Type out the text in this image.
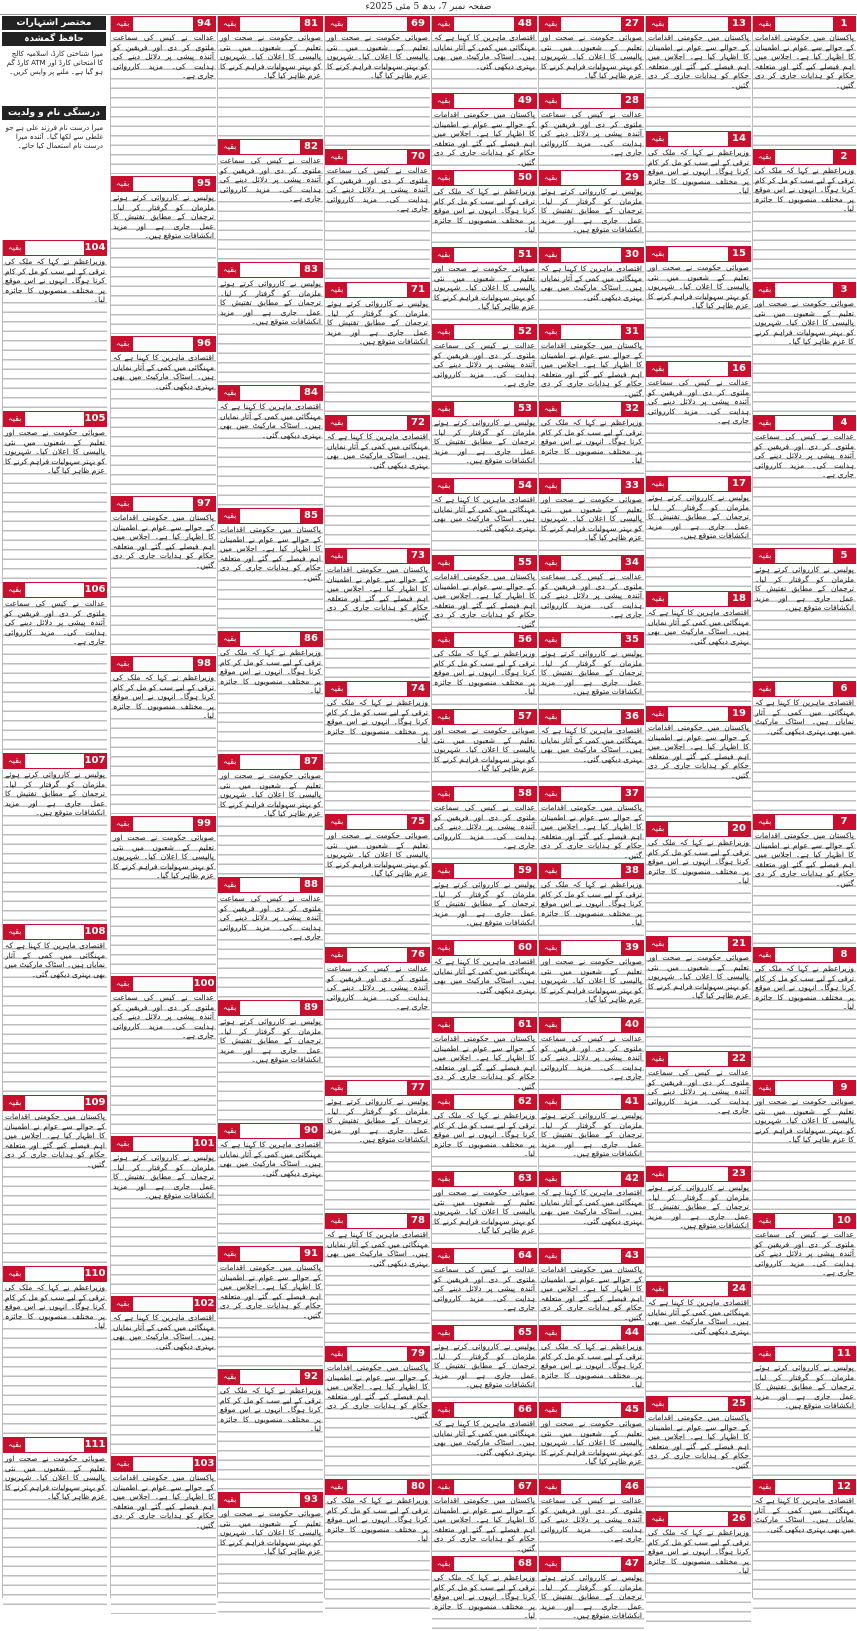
صفحہ نمبر 7، بدھ 5 مئی 2025ء
مختصر اشتہارات
حافظ گمشدہ
میرا شناختی کارڈ، اسلامیہ کالج کا امتحانی کارڈ اور ATM کارڈ گم ہو گیا ہے۔ ملنے پر واپس کریں۔
درستگی نام و ولدیت
میرا درست نام فرزند علی ہے جو غلطی سے لکھا گیا۔ آئندہ میرا درست نام استعمال کیا جائے۔
بقیہ	1
پاکستان میں حکومتی اقدامات کے حوالے سے عوام نے اطمینان کا اظہار کیا ہے۔ اجلاس میں اہم فیصلے کیے گئے اور متعلقہ حکام کو ہدایات جاری کر دی گئیں۔
بقیہ	2
وزیراعظم نے کہا کہ ملک کی ترقی کے لیے سب کو مل کر کام کرنا ہوگا۔ انہوں نے اس موقع پر مختلف منصوبوں کا جائزہ لیا۔
بقیہ	3
صوبائی حکومت نے صحت اور تعلیم کے شعبوں میں نئی پالیسی کا اعلان کیا۔ شہریوں کو بہتر سہولیات فراہم کرنے کا عزم ظاہر کیا گیا۔
بقیہ	4
عدالت نے کیس کی سماعت ملتوی کر دی اور فریقین کو آئندہ پیشی پر دلائل دینے کی ہدایت کی۔ مزید کارروائی جاری ہے۔
بقیہ	5
پولیس نے کارروائی کرتے ہوئے ملزمان کو گرفتار کر لیا۔ ترجمان کے مطابق تفتیش کا عمل جاری ہے اور مزید انکشافات متوقع ہیں۔
بقیہ	6
اقتصادی ماہرین کا کہنا ہے کہ مہنگائی میں کمی کے آثار نمایاں ہیں۔ اسٹاک مارکیٹ میں بھی بہتری دیکھی گئی۔
بقیہ	7
پاکستان میں حکومتی اقدامات کے حوالے سے عوام نے اطمینان کا اظہار کیا ہے۔ اجلاس میں اہم فیصلے کیے گئے اور متعلقہ حکام کو ہدایات جاری کر دی گئیں۔
بقیہ	8
وزیراعظم نے کہا کہ ملک کی ترقی کے لیے سب کو مل کر کام کرنا ہوگا۔ انہوں نے اس موقع پر مختلف منصوبوں کا جائزہ لیا۔
بقیہ	9
صوبائی حکومت نے صحت اور تعلیم کے شعبوں میں نئی پالیسی کا اعلان کیا۔ شہریوں کو بہتر سہولیات فراہم کرنے کا عزم ظاہر کیا گیا۔
بقیہ	10
عدالت نے کیس کی سماعت ملتوی کر دی اور فریقین کو آئندہ پیشی پر دلائل دینے کی ہدایت کی۔ مزید کارروائی جاری ہے۔
بقیہ	11
پولیس نے کارروائی کرتے ہوئے ملزمان کو گرفتار کر لیا۔ ترجمان کے مطابق تفتیش کا عمل جاری ہے اور مزید انکشافات متوقع ہیں۔
بقیہ	12
اقتصادی ماہرین کا کہنا ہے کہ مہنگائی میں کمی کے آثار نمایاں ہیں۔ اسٹاک مارکیٹ میں بھی بہتری دیکھی گئی۔
بقیہ	13
پاکستان میں حکومتی اقدامات کے حوالے سے عوام نے اطمینان کا اظہار کیا ہے۔ اجلاس میں اہم فیصلے کیے گئے اور متعلقہ حکام کو ہدایات جاری کر دی گئیں۔
بقیہ	14
وزیراعظم نے کہا کہ ملک کی ترقی کے لیے سب کو مل کر کام کرنا ہوگا۔ انہوں نے اس موقع پر مختلف منصوبوں کا جائزہ لیا۔
بقیہ	15
صوبائی حکومت نے صحت اور تعلیم کے شعبوں میں نئی پالیسی کا اعلان کیا۔ شہریوں کو بہتر سہولیات فراہم کرنے کا عزم ظاہر کیا گیا۔
بقیہ	16
عدالت نے کیس کی سماعت ملتوی کر دی اور فریقین کو آئندہ پیشی پر دلائل دینے کی ہدایت کی۔ مزید کارروائی جاری ہے۔
بقیہ	17
پولیس نے کارروائی کرتے ہوئے ملزمان کو گرفتار کر لیا۔ ترجمان کے مطابق تفتیش کا عمل جاری ہے اور مزید انکشافات متوقع ہیں۔
بقیہ	18
اقتصادی ماہرین کا کہنا ہے کہ مہنگائی میں کمی کے آثار نمایاں ہیں۔ اسٹاک مارکیٹ میں بھی بہتری دیکھی گئی۔
بقیہ	19
پاکستان میں حکومتی اقدامات کے حوالے سے عوام نے اطمینان کا اظہار کیا ہے۔ اجلاس میں اہم فیصلے کیے گئے اور متعلقہ حکام کو ہدایات جاری کر دی گئیں۔
بقیہ	20
وزیراعظم نے کہا کہ ملک کی ترقی کے لیے سب کو مل کر کام کرنا ہوگا۔ انہوں نے اس موقع پر مختلف منصوبوں کا جائزہ لیا۔
بقیہ	21
صوبائی حکومت نے صحت اور تعلیم کے شعبوں میں نئی پالیسی کا اعلان کیا۔ شہریوں کو بہتر سہولیات فراہم کرنے کا عزم ظاہر کیا گیا۔
بقیہ	22
عدالت نے کیس کی سماعت ملتوی کر دی اور فریقین کو آئندہ پیشی پر دلائل دینے کی ہدایت کی۔ مزید کارروائی جاری ہے۔
بقیہ	23
پولیس نے کارروائی کرتے ہوئے ملزمان کو گرفتار کر لیا۔ ترجمان کے مطابق تفتیش کا عمل جاری ہے اور مزید انکشافات متوقع ہیں۔
بقیہ	24
اقتصادی ماہرین کا کہنا ہے کہ مہنگائی میں کمی کے آثار نمایاں ہیں۔ اسٹاک مارکیٹ میں بھی بہتری دیکھی گئی۔
بقیہ	25
پاکستان میں حکومتی اقدامات کے حوالے سے عوام نے اطمینان کا اظہار کیا ہے۔ اجلاس میں اہم فیصلے کیے گئے اور متعلقہ حکام کو ہدایات جاری کر دی گئیں۔
بقیہ	26
وزیراعظم نے کہا کہ ملک کی ترقی کے لیے سب کو مل کر کام کرنا ہوگا۔ انہوں نے اس موقع پر مختلف منصوبوں کا جائزہ لیا۔
بقیہ	27
صوبائی حکومت نے صحت اور تعلیم کے شعبوں میں نئی پالیسی کا اعلان کیا۔ شہریوں کو بہتر سہولیات فراہم کرنے کا عزم ظاہر کیا گیا۔
بقیہ	28
عدالت نے کیس کی سماعت ملتوی کر دی اور فریقین کو آئندہ پیشی پر دلائل دینے کی ہدایت کی۔ مزید کارروائی جاری ہے۔
بقیہ	29
پولیس نے کارروائی کرتے ہوئے ملزمان کو گرفتار کر لیا۔ ترجمان کے مطابق تفتیش کا عمل جاری ہے اور مزید انکشافات متوقع ہیں۔
بقیہ	30
اقتصادی ماہرین کا کہنا ہے کہ مہنگائی میں کمی کے آثار نمایاں ہیں۔ اسٹاک مارکیٹ میں بھی بہتری دیکھی گئی۔
بقیہ	31
پاکستان میں حکومتی اقدامات کے حوالے سے عوام نے اطمینان کا اظہار کیا ہے۔ اجلاس میں اہم فیصلے کیے گئے اور متعلقہ حکام کو ہدایات جاری کر دی گئیں۔
بقیہ	32
وزیراعظم نے کہا کہ ملک کی ترقی کے لیے سب کو مل کر کام کرنا ہوگا۔ انہوں نے اس موقع پر مختلف منصوبوں کا جائزہ لیا۔
بقیہ	33
صوبائی حکومت نے صحت اور تعلیم کے شعبوں میں نئی پالیسی کا اعلان کیا۔ شہریوں کو بہتر سہولیات فراہم کرنے کا عزم ظاہر کیا گیا۔
بقیہ	34
عدالت نے کیس کی سماعت ملتوی کر دی اور فریقین کو آئندہ پیشی پر دلائل دینے کی ہدایت کی۔ مزید کارروائی جاری ہے۔
بقیہ	35
پولیس نے کارروائی کرتے ہوئے ملزمان کو گرفتار کر لیا۔ ترجمان کے مطابق تفتیش کا عمل جاری ہے اور مزید انکشافات متوقع ہیں۔
بقیہ	36
اقتصادی ماہرین کا کہنا ہے کہ مہنگائی میں کمی کے آثار نمایاں ہیں۔ اسٹاک مارکیٹ میں بھی بہتری دیکھی گئی۔
بقیہ	37
پاکستان میں حکومتی اقدامات کے حوالے سے عوام نے اطمینان کا اظہار کیا ہے۔ اجلاس میں اہم فیصلے کیے گئے اور متعلقہ حکام کو ہدایات جاری کر دی گئیں۔
بقیہ	38
وزیراعظم نے کہا کہ ملک کی ترقی کے لیے سب کو مل کر کام کرنا ہوگا۔ انہوں نے اس موقع پر مختلف منصوبوں کا جائزہ لیا۔
بقیہ	39
صوبائی حکومت نے صحت اور تعلیم کے شعبوں میں نئی پالیسی کا اعلان کیا۔ شہریوں کو بہتر سہولیات فراہم کرنے کا عزم ظاہر کیا گیا۔
بقیہ	40
عدالت نے کیس کی سماعت ملتوی کر دی اور فریقین کو آئندہ پیشی پر دلائل دینے کی ہدایت کی۔ مزید کارروائی جاری ہے۔
بقیہ	41
پولیس نے کارروائی کرتے ہوئے ملزمان کو گرفتار کر لیا۔ ترجمان کے مطابق تفتیش کا عمل جاری ہے اور مزید انکشافات متوقع ہیں۔
بقیہ	42
اقتصادی ماہرین کا کہنا ہے کہ مہنگائی میں کمی کے آثار نمایاں ہیں۔ اسٹاک مارکیٹ میں بھی بہتری دیکھی گئی۔
بقیہ	43
پاکستان میں حکومتی اقدامات کے حوالے سے عوام نے اطمینان کا اظہار کیا ہے۔ اجلاس میں اہم فیصلے کیے گئے اور متعلقہ حکام کو ہدایات جاری کر دی گئیں۔
بقیہ	44
وزیراعظم نے کہا کہ ملک کی ترقی کے لیے سب کو مل کر کام کرنا ہوگا۔ انہوں نے اس موقع پر مختلف منصوبوں کا جائزہ لیا۔
بقیہ	45
صوبائی حکومت نے صحت اور تعلیم کے شعبوں میں نئی پالیسی کا اعلان کیا۔ شہریوں کو بہتر سہولیات فراہم کرنے کا عزم ظاہر کیا گیا۔
بقیہ	46
عدالت نے کیس کی سماعت ملتوی کر دی اور فریقین کو آئندہ پیشی پر دلائل دینے کی ہدایت کی۔ مزید کارروائی جاری ہے۔
بقیہ	47
پولیس نے کارروائی کرتے ہوئے ملزمان کو گرفتار کر لیا۔ ترجمان کے مطابق تفتیش کا عمل جاری ہے اور مزید انکشافات متوقع ہیں۔
بقیہ	48
اقتصادی ماہرین کا کہنا ہے کہ مہنگائی میں کمی کے آثار نمایاں ہیں۔ اسٹاک مارکیٹ میں بھی بہتری دیکھی گئی۔
بقیہ	49
پاکستان میں حکومتی اقدامات کے حوالے سے عوام نے اطمینان کا اظہار کیا ہے۔ اجلاس میں اہم فیصلے کیے گئے اور متعلقہ حکام کو ہدایات جاری کر دی گئیں۔
بقیہ	50
وزیراعظم نے کہا کہ ملک کی ترقی کے لیے سب کو مل کر کام کرنا ہوگا۔ انہوں نے اس موقع پر مختلف منصوبوں کا جائزہ لیا۔
بقیہ	51
صوبائی حکومت نے صحت اور تعلیم کے شعبوں میں نئی پالیسی کا اعلان کیا۔ شہریوں کو بہتر سہولیات فراہم کرنے کا عزم ظاہر کیا گیا۔
بقیہ	52
عدالت نے کیس کی سماعت ملتوی کر دی اور فریقین کو آئندہ پیشی پر دلائل دینے کی ہدایت کی۔ مزید کارروائی جاری ہے۔
بقیہ	53
پولیس نے کارروائی کرتے ہوئے ملزمان کو گرفتار کر لیا۔ ترجمان کے مطابق تفتیش کا عمل جاری ہے اور مزید انکشافات متوقع ہیں۔
بقیہ	54
اقتصادی ماہرین کا کہنا ہے کہ مہنگائی میں کمی کے آثار نمایاں ہیں۔ اسٹاک مارکیٹ میں بھی بہتری دیکھی گئی۔
بقیہ	55
پاکستان میں حکومتی اقدامات کے حوالے سے عوام نے اطمینان کا اظہار کیا ہے۔ اجلاس میں اہم فیصلے کیے گئے اور متعلقہ حکام کو ہدایات جاری کر دی گئیں۔
بقیہ	56
وزیراعظم نے کہا کہ ملک کی ترقی کے لیے سب کو مل کر کام کرنا ہوگا۔ انہوں نے اس موقع پر مختلف منصوبوں کا جائزہ لیا۔
بقیہ	57
صوبائی حکومت نے صحت اور تعلیم کے شعبوں میں نئی پالیسی کا اعلان کیا۔ شہریوں کو بہتر سہولیات فراہم کرنے کا عزم ظاہر کیا گیا۔
بقیہ	58
عدالت نے کیس کی سماعت ملتوی کر دی اور فریقین کو آئندہ پیشی پر دلائل دینے کی ہدایت کی۔ مزید کارروائی جاری ہے۔
بقیہ	59
پولیس نے کارروائی کرتے ہوئے ملزمان کو گرفتار کر لیا۔ ترجمان کے مطابق تفتیش کا عمل جاری ہے اور مزید انکشافات متوقع ہیں۔
بقیہ	60
اقتصادی ماہرین کا کہنا ہے کہ مہنگائی میں کمی کے آثار نمایاں ہیں۔ اسٹاک مارکیٹ میں بھی بہتری دیکھی گئی۔
بقیہ	61
پاکستان میں حکومتی اقدامات کے حوالے سے عوام نے اطمینان کا اظہار کیا ہے۔ اجلاس میں اہم فیصلے کیے گئے اور متعلقہ حکام کو ہدایات جاری کر دی گئیں۔
بقیہ	62
وزیراعظم نے کہا کہ ملک کی ترقی کے لیے سب کو مل کر کام کرنا ہوگا۔ انہوں نے اس موقع پر مختلف منصوبوں کا جائزہ لیا۔
بقیہ	63
صوبائی حکومت نے صحت اور تعلیم کے شعبوں میں نئی پالیسی کا اعلان کیا۔ شہریوں کو بہتر سہولیات فراہم کرنے کا عزم ظاہر کیا گیا۔
بقیہ	64
عدالت نے کیس کی سماعت ملتوی کر دی اور فریقین کو آئندہ پیشی پر دلائل دینے کی ہدایت کی۔ مزید کارروائی جاری ہے۔
بقیہ	65
پولیس نے کارروائی کرتے ہوئے ملزمان کو گرفتار کر لیا۔ ترجمان کے مطابق تفتیش کا عمل جاری ہے اور مزید انکشافات متوقع ہیں۔
بقیہ	66
اقتصادی ماہرین کا کہنا ہے کہ مہنگائی میں کمی کے آثار نمایاں ہیں۔ اسٹاک مارکیٹ میں بھی بہتری دیکھی گئی۔
بقیہ	67
پاکستان میں حکومتی اقدامات کے حوالے سے عوام نے اطمینان کا اظہار کیا ہے۔ اجلاس میں اہم فیصلے کیے گئے اور متعلقہ حکام کو ہدایات جاری کر دی گئیں۔
بقیہ	68
وزیراعظم نے کہا کہ ملک کی ترقی کے لیے سب کو مل کر کام کرنا ہوگا۔ انہوں نے اس موقع پر مختلف منصوبوں کا جائزہ لیا۔
بقیہ	69
صوبائی حکومت نے صحت اور تعلیم کے شعبوں میں نئی پالیسی کا اعلان کیا۔ شہریوں کو بہتر سہولیات فراہم کرنے کا عزم ظاہر کیا گیا۔
بقیہ	70
عدالت نے کیس کی سماعت ملتوی کر دی اور فریقین کو آئندہ پیشی پر دلائل دینے کی ہدایت کی۔ مزید کارروائی جاری ہے۔
بقیہ	71
پولیس نے کارروائی کرتے ہوئے ملزمان کو گرفتار کر لیا۔ ترجمان کے مطابق تفتیش کا عمل جاری ہے اور مزید انکشافات متوقع ہیں۔
بقیہ	72
اقتصادی ماہرین کا کہنا ہے کہ مہنگائی میں کمی کے آثار نمایاں ہیں۔ اسٹاک مارکیٹ میں بھی بہتری دیکھی گئی۔
بقیہ	73
پاکستان میں حکومتی اقدامات کے حوالے سے عوام نے اطمینان کا اظہار کیا ہے۔ اجلاس میں اہم فیصلے کیے گئے اور متعلقہ حکام کو ہدایات جاری کر دی گئیں۔
بقیہ	74
وزیراعظم نے کہا کہ ملک کی ترقی کے لیے سب کو مل کر کام کرنا ہوگا۔ انہوں نے اس موقع پر مختلف منصوبوں کا جائزہ لیا۔
بقیہ	75
صوبائی حکومت نے صحت اور تعلیم کے شعبوں میں نئی پالیسی کا اعلان کیا۔ شہریوں کو بہتر سہولیات فراہم کرنے کا عزم ظاہر کیا گیا۔
بقیہ	76
عدالت نے کیس کی سماعت ملتوی کر دی اور فریقین کو آئندہ پیشی پر دلائل دینے کی ہدایت کی۔ مزید کارروائی جاری ہے۔
بقیہ	77
پولیس نے کارروائی کرتے ہوئے ملزمان کو گرفتار کر لیا۔ ترجمان کے مطابق تفتیش کا عمل جاری ہے اور مزید انکشافات متوقع ہیں۔
بقیہ	78
اقتصادی ماہرین کا کہنا ہے کہ مہنگائی میں کمی کے آثار نمایاں ہیں۔ اسٹاک مارکیٹ میں بھی بہتری دیکھی گئی۔
بقیہ	79
پاکستان میں حکومتی اقدامات کے حوالے سے عوام نے اطمینان کا اظہار کیا ہے۔ اجلاس میں اہم فیصلے کیے گئے اور متعلقہ حکام کو ہدایات جاری کر دی گئیں۔
بقیہ	80
وزیراعظم نے کہا کہ ملک کی ترقی کے لیے سب کو مل کر کام کرنا ہوگا۔ انہوں نے اس موقع پر مختلف منصوبوں کا جائزہ لیا۔
بقیہ	81
صوبائی حکومت نے صحت اور تعلیم کے شعبوں میں نئی پالیسی کا اعلان کیا۔ شہریوں کو بہتر سہولیات فراہم کرنے کا عزم ظاہر کیا گیا۔
بقیہ	82
عدالت نے کیس کی سماعت ملتوی کر دی اور فریقین کو آئندہ پیشی پر دلائل دینے کی ہدایت کی۔ مزید کارروائی جاری ہے۔
بقیہ	83
پولیس نے کارروائی کرتے ہوئے ملزمان کو گرفتار کر لیا۔ ترجمان کے مطابق تفتیش کا عمل جاری ہے اور مزید انکشافات متوقع ہیں۔
بقیہ	84
اقتصادی ماہرین کا کہنا ہے کہ مہنگائی میں کمی کے آثار نمایاں ہیں۔ اسٹاک مارکیٹ میں بھی بہتری دیکھی گئی۔
بقیہ	85
پاکستان میں حکومتی اقدامات کے حوالے سے عوام نے اطمینان کا اظہار کیا ہے۔ اجلاس میں اہم فیصلے کیے گئے اور متعلقہ حکام کو ہدایات جاری کر دی گئیں۔
بقیہ	86
وزیراعظم نے کہا کہ ملک کی ترقی کے لیے سب کو مل کر کام کرنا ہوگا۔ انہوں نے اس موقع پر مختلف منصوبوں کا جائزہ لیا۔
بقیہ	87
صوبائی حکومت نے صحت اور تعلیم کے شعبوں میں نئی پالیسی کا اعلان کیا۔ شہریوں کو بہتر سہولیات فراہم کرنے کا عزم ظاہر کیا گیا۔
بقیہ	88
عدالت نے کیس کی سماعت ملتوی کر دی اور فریقین کو آئندہ پیشی پر دلائل دینے کی ہدایت کی۔ مزید کارروائی جاری ہے۔
بقیہ	89
پولیس نے کارروائی کرتے ہوئے ملزمان کو گرفتار کر لیا۔ ترجمان کے مطابق تفتیش کا عمل جاری ہے اور مزید انکشافات متوقع ہیں۔
بقیہ	90
اقتصادی ماہرین کا کہنا ہے کہ مہنگائی میں کمی کے آثار نمایاں ہیں۔ اسٹاک مارکیٹ میں بھی بہتری دیکھی گئی۔
بقیہ	91
پاکستان میں حکومتی اقدامات کے حوالے سے عوام نے اطمینان کا اظہار کیا ہے۔ اجلاس میں اہم فیصلے کیے گئے اور متعلقہ حکام کو ہدایات جاری کر دی گئیں۔
بقیہ	92
وزیراعظم نے کہا کہ ملک کی ترقی کے لیے سب کو مل کر کام کرنا ہوگا۔ انہوں نے اس موقع پر مختلف منصوبوں کا جائزہ لیا۔
بقیہ	93
صوبائی حکومت نے صحت اور تعلیم کے شعبوں میں نئی پالیسی کا اعلان کیا۔ شہریوں کو بہتر سہولیات فراہم کرنے کا عزم ظاہر کیا گیا۔
بقیہ	94
عدالت نے کیس کی سماعت ملتوی کر دی اور فریقین کو آئندہ پیشی پر دلائل دینے کی ہدایت کی۔ مزید کارروائی جاری ہے۔
بقیہ	95
پولیس نے کارروائی کرتے ہوئے ملزمان کو گرفتار کر لیا۔ ترجمان کے مطابق تفتیش کا عمل جاری ہے اور مزید انکشافات متوقع ہیں۔
بقیہ	96
اقتصادی ماہرین کا کہنا ہے کہ مہنگائی میں کمی کے آثار نمایاں ہیں۔ اسٹاک مارکیٹ میں بھی بہتری دیکھی گئی۔
بقیہ	97
پاکستان میں حکومتی اقدامات کے حوالے سے عوام نے اطمینان کا اظہار کیا ہے۔ اجلاس میں اہم فیصلے کیے گئے اور متعلقہ حکام کو ہدایات جاری کر دی گئیں۔
بقیہ	98
وزیراعظم نے کہا کہ ملک کی ترقی کے لیے سب کو مل کر کام کرنا ہوگا۔ انہوں نے اس موقع پر مختلف منصوبوں کا جائزہ لیا۔
بقیہ	99
صوبائی حکومت نے صحت اور تعلیم کے شعبوں میں نئی پالیسی کا اعلان کیا۔ شہریوں کو بہتر سہولیات فراہم کرنے کا عزم ظاہر کیا گیا۔
بقیہ	100
عدالت نے کیس کی سماعت ملتوی کر دی اور فریقین کو آئندہ پیشی پر دلائل دینے کی ہدایت کی۔ مزید کارروائی جاری ہے۔
بقیہ	101
پولیس نے کارروائی کرتے ہوئے ملزمان کو گرفتار کر لیا۔ ترجمان کے مطابق تفتیش کا عمل جاری ہے اور مزید انکشافات متوقع ہیں۔
بقیہ	102
اقتصادی ماہرین کا کہنا ہے کہ مہنگائی میں کمی کے آثار نمایاں ہیں۔ اسٹاک مارکیٹ میں بھی بہتری دیکھی گئی۔
بقیہ	103
پاکستان میں حکومتی اقدامات کے حوالے سے عوام نے اطمینان کا اظہار کیا ہے۔ اجلاس میں اہم فیصلے کیے گئے اور متعلقہ حکام کو ہدایات جاری کر دی گئیں۔
بقیہ	104
وزیراعظم نے کہا کہ ملک کی ترقی کے لیے سب کو مل کر کام کرنا ہوگا۔ انہوں نے اس موقع پر مختلف منصوبوں کا جائزہ لیا۔
بقیہ	105
صوبائی حکومت نے صحت اور تعلیم کے شعبوں میں نئی پالیسی کا اعلان کیا۔ شہریوں کو بہتر سہولیات فراہم کرنے کا عزم ظاہر کیا گیا۔
بقیہ	106
عدالت نے کیس کی سماعت ملتوی کر دی اور فریقین کو آئندہ پیشی پر دلائل دینے کی ہدایت کی۔ مزید کارروائی جاری ہے۔
بقیہ	107
پولیس نے کارروائی کرتے ہوئے ملزمان کو گرفتار کر لیا۔ ترجمان کے مطابق تفتیش کا عمل جاری ہے اور مزید انکشافات متوقع ہیں۔
بقیہ	108
اقتصادی ماہرین کا کہنا ہے کہ مہنگائی میں کمی کے آثار نمایاں ہیں۔ اسٹاک مارکیٹ میں بھی بہتری دیکھی گئی۔
بقیہ	109
پاکستان میں حکومتی اقدامات کے حوالے سے عوام نے اطمینان کا اظہار کیا ہے۔ اجلاس میں اہم فیصلے کیے گئے اور متعلقہ حکام کو ہدایات جاری کر دی گئیں۔
بقیہ	110
وزیراعظم نے کہا کہ ملک کی ترقی کے لیے سب کو مل کر کام کرنا ہوگا۔ انہوں نے اس موقع پر مختلف منصوبوں کا جائزہ لیا۔
بقیہ	111
صوبائی حکومت نے صحت اور تعلیم کے شعبوں میں نئی پالیسی کا اعلان کیا۔ شہریوں کو بہتر سہولیات فراہم کرنے کا عزم ظاہر کیا گیا۔
